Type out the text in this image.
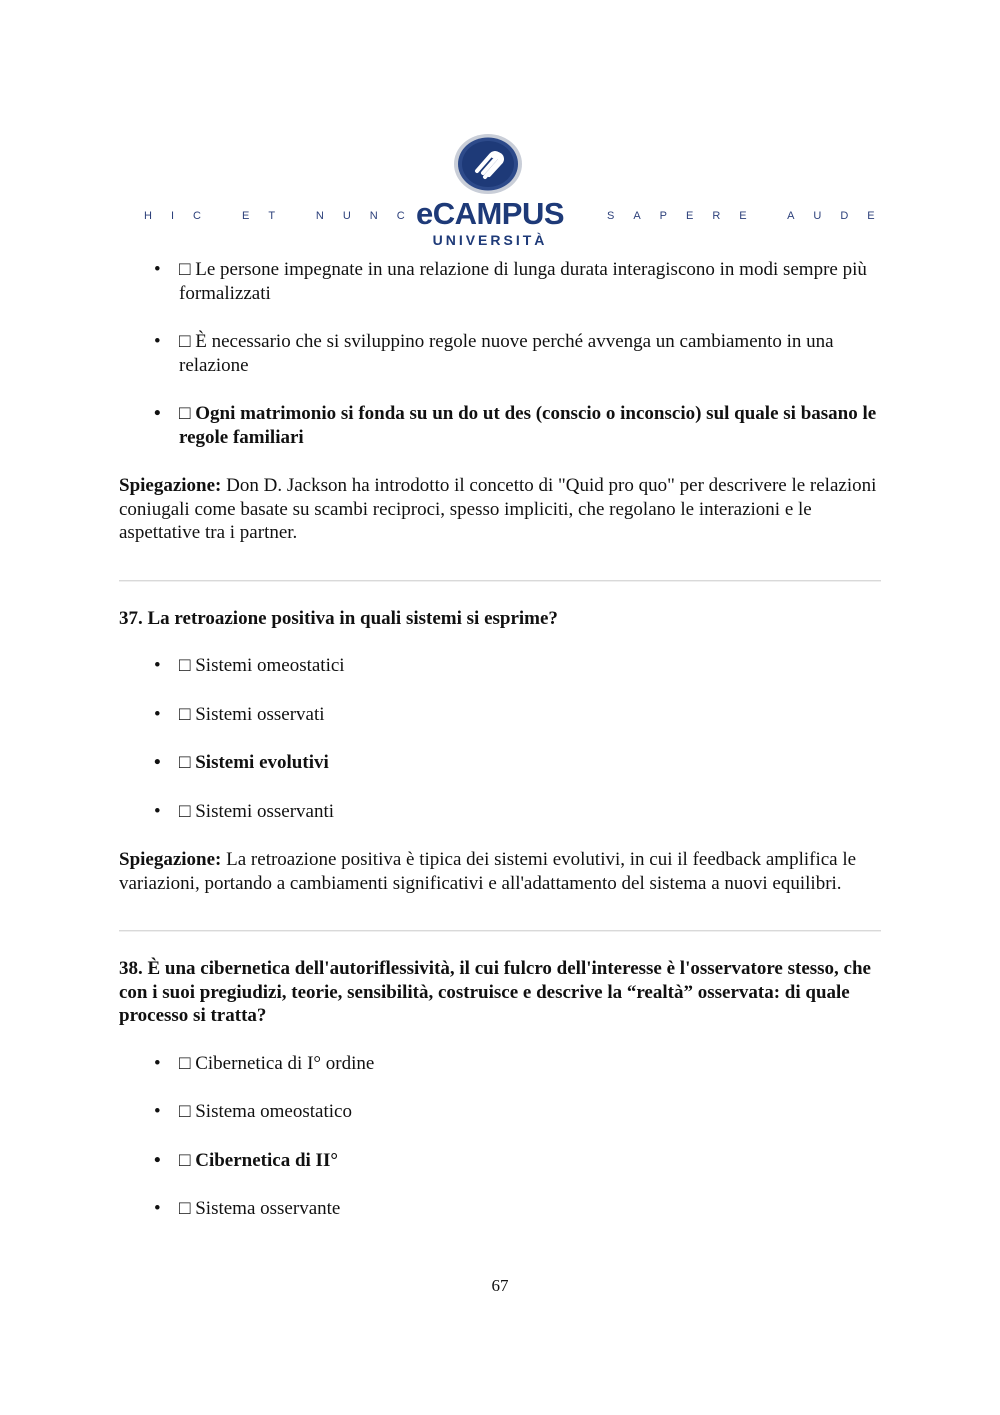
HIC ET NUNC	SAPERE AUDE
eCAMPUS
UNIVERSITÀ
• □ Le persone impegnate in una relazione di lunga durata interagiscono in modi sempre più formalizzati
• □ È necessario che si sviluppino regole nuove perché avvenga un cambiamento in una relazione
• □ Ogni matrimonio si fonda su un do ut des (conscio o inconscio) sul quale si basano le regole familiari

Spiegazione: Don D. Jackson ha introdotto il concetto di "Quid pro quo" per descrivere le relazioni coniugali come basate su scambi reciproci, spesso impliciti, che regolano le interazioni e le aspettative tra i partner.

37. La retroazione positiva in quali sistemi si esprime?

• □ Sistemi omeostatici
• □ Sistemi osservati
• □ Sistemi evolutivi
• □ Sistemi osservanti

Spiegazione: La retroazione positiva è tipica dei sistemi evolutivi, in cui il feedback amplifica le variazioni, portando a cambiamenti significativi e all'adattamento del sistema a nuovi equilibri.

38. È una cibernetica dell'autoriflessività, il cui fulcro dell'interesse è l'osservatore stesso, che con i suoi pregiudizi, teorie, sensibilità, costruisce e descrive la “realtà” osservata: di quale processo si tratta?

• □ Cibernetica di I° ordine
• □ Sistema omeostatico
• □ Cibernetica di II°
• □ Sistema osservante
67
